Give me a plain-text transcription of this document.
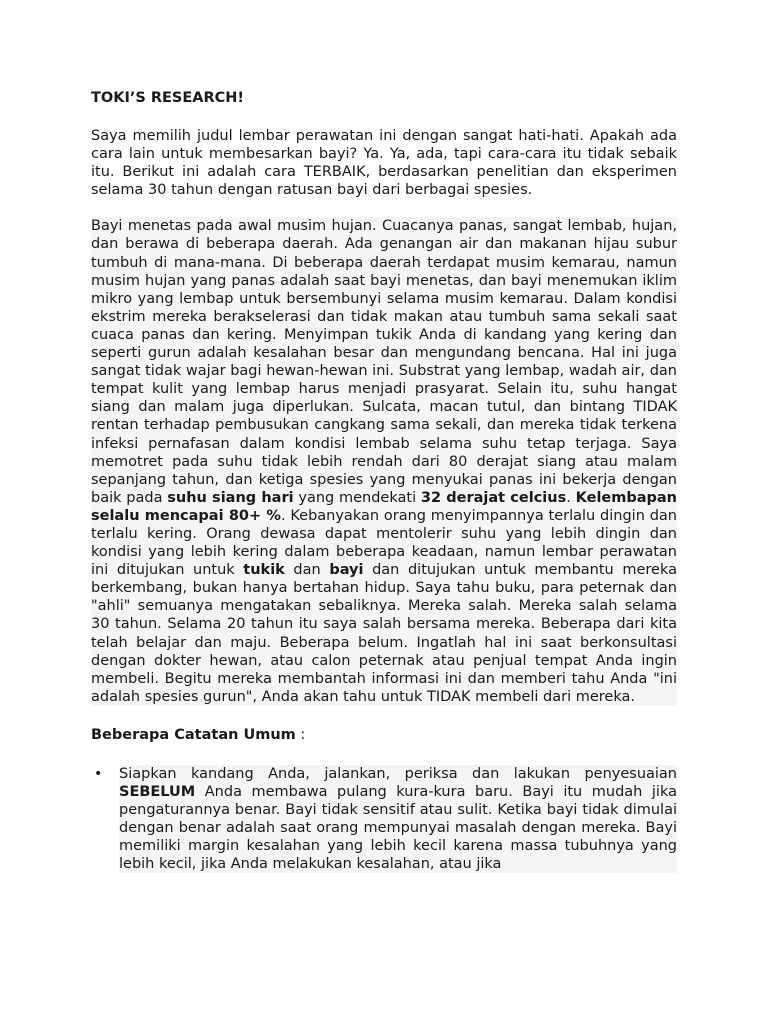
TOKI’S RESEARCH!

Saya memilih judul lembar perawatan ini dengan sangat hati-hati. Apakah ada cara lain untuk membesarkan bayi? Ya. Ya, ada, tapi cara-cara itu tidak sebaik itu. Berikut ini adalah cara TERBAIK, berdasarkan penelitian dan eksperimen selama 30 tahun dengan ratusan bayi dari berbagai spesies.

Bayi menetas pada awal musim hujan. Cuacanya panas, sangat lembab, hujan, dan berawa di beberapa daerah. Ada genangan air dan makanan hijau subur tumbuh di mana-mana. Di beberapa daerah terdapat musim kemarau, namun musim hujan yang panas adalah saat bayi menetas, dan bayi menemukan iklim mikro yang lembap untuk bersembunyi selama musim kemarau. Dalam kondisi ekstrim mereka berakselerasi dan tidak makan atau tumbuh sama sekali saat cuaca panas dan kering. Menyimpan tukik Anda di kandang yang kering dan seperti gurun adalah kesalahan besar dan mengundang bencana. Hal ini juga sangat tidak wajar bagi hewan-hewan ini. Substrat yang lembap, wadah air, dan tempat kulit yang lembap harus menjadi prasyarat. Selain itu, suhu hangat siang dan malam juga diperlukan. Sulcata, macan tutul, dan bintang TIDAK rentan terhadap pembusukan cangkang sama sekali, dan mereka tidak terkena infeksi pernafasan dalam kondisi lembab selama suhu tetap terjaga. Saya memotret pada suhu tidak lebih rendah dari 80 derajat siang atau malam sepanjang tahun, dan ketiga spesies yang menyukai panas ini bekerja dengan baik pada suhu siang hari yang mendekati 32 derajat celcius. Kelembapan selalu mencapai 80+ %. Kebanyakan orang menyimpannya terlalu dingin dan terlalu kering. Orang dewasa dapat mentolerir suhu yang lebih dingin dan kondisi yang lebih kering dalam beberapa keadaan, namun lembar perawatan ini ditujukan untuk tukik dan bayi dan ditujukan untuk membantu mereka berkembang, bukan hanya bertahan hidup. Saya tahu buku, para peternak dan "ahli" semuanya mengatakan sebaliknya. Mereka salah. Mereka salah selama 30 tahun. Selama 20 tahun itu saya salah bersama mereka. Beberapa dari kita telah belajar dan maju. Beberapa belum. Ingatlah hal ini saat berkonsultasi dengan dokter hewan, atau calon peternak atau penjual tempat Anda ingin membeli. Begitu mereka membantah informasi ini dan memberi tahu Anda "ini adalah spesies gurun", Anda akan tahu untuk TIDAK membeli dari mereka.

Beberapa Catatan Umum :
• Siapkan kandang Anda, jalankan, periksa dan lakukan penyesuaian SEBELUM Anda membawa pulang kura-kura baru. Bayi itu mudah jika pengaturannya benar. Bayi tidak sensitif atau sulit. Ketika bayi tidak dimulai dengan benar adalah saat orang mempunyai masalah dengan mereka. Bayi memiliki margin kesalahan yang lebih kecil karena massa tubuhnya yang lebih kecil, jika Anda melakukan kesalahan, atau jika
